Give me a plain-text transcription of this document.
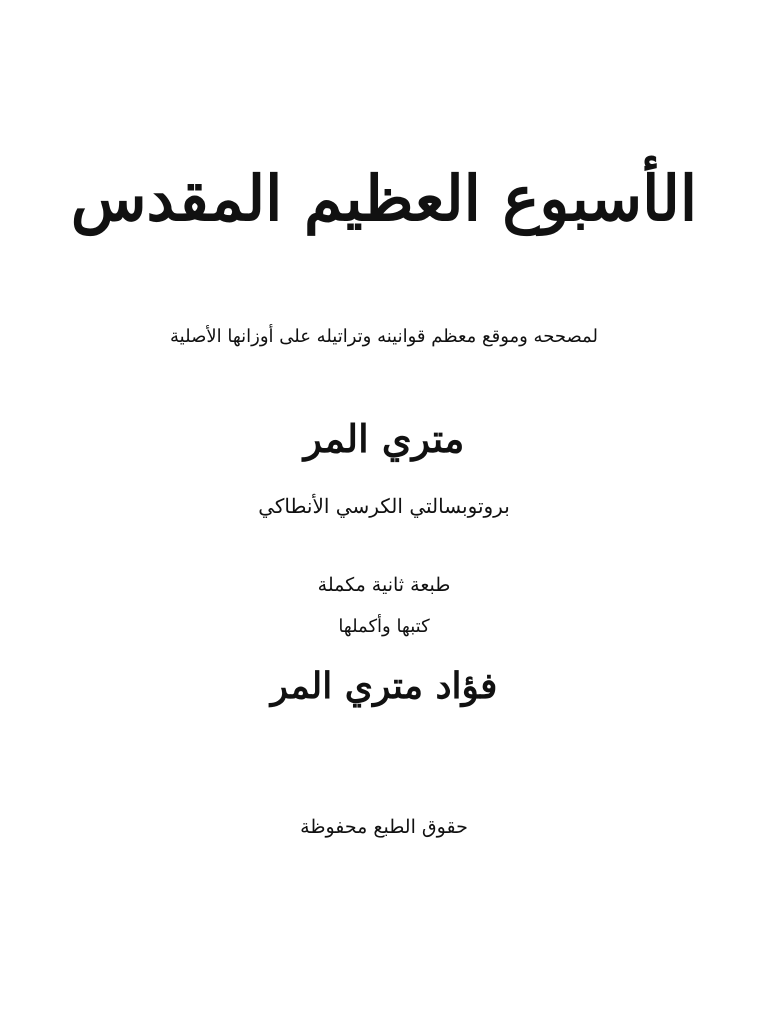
الأسبوع العظيم المقدس
لمصححه وموقع معظم قوانينه وتراتيله على أوزانها الأصلية
متري المر
بروتوبسالتي الكرسي الأنطاكي
طبعة ثانية مكملة
كتبها وأكملها
فؤاد متري المر
حقوق الطبع محفوظة
